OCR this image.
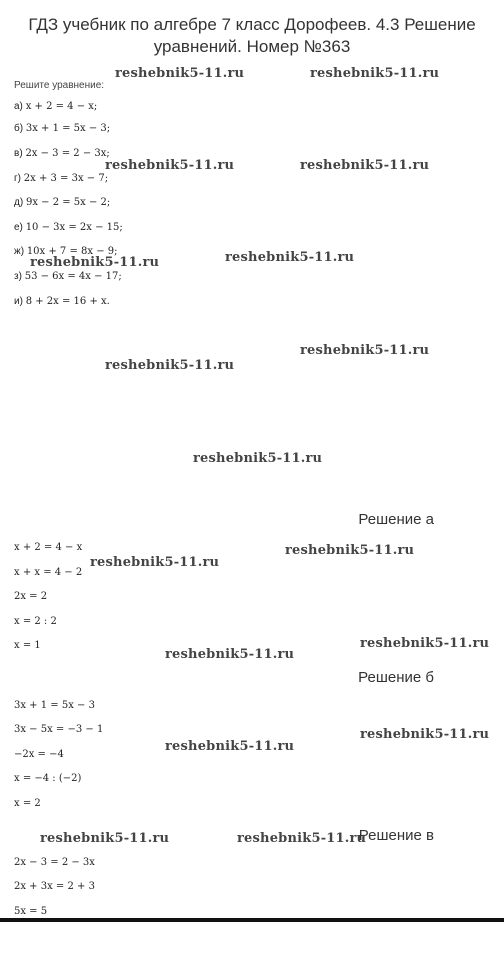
ГДЗ учебник по алгебре 7 класс Дорофеев. 4.3 Решение
уравнений. Номер №363
Решите уравнение:
а) x + 2 = 4 − x;
б) 3x + 1 = 5x − 3;
в) 2x − 3 = 2 − 3x;
г) 2x + 3 = 3x − 7;
д) 9x − 2 = 5x − 2;
е) 10 − 3x = 2x − 15;
ж) 10x + 7 = 8x − 9;
з) 53 − 6x = 4x − 17;
и) 8 + 2x = 16 + x.
Решение а
x + 2 = 4 − x
x + x = 4 − 2
2x = 2
x = 2 : 2
x = 1
Решение б
3x + 1 = 5x − 3
3x − 5x = −3 − 1
−2x = −4
x = −4 : (−2)
x = 2
Решение в
2x − 3 = 2 − 3x
2x + 3x = 2 + 3
5x = 5
reshebnik5-11.ru	reshebnik5-11.ru
reshebnik5-11.ru	reshebnik5-11.ru
reshebnik5-11.ru	reshebnik5-11.ru
reshebnik5-11.ru
reshebnik5-11.ru
reshebnik5-11.ru
reshebnik5-11.ru
reshebnik5-11.ru
reshebnik5-11.ru
reshebnik5-11.ru
reshebnik5-11.ru
reshebnik5-11.ru
reshebnik5-11.ru	reshebnik5-11.ru
